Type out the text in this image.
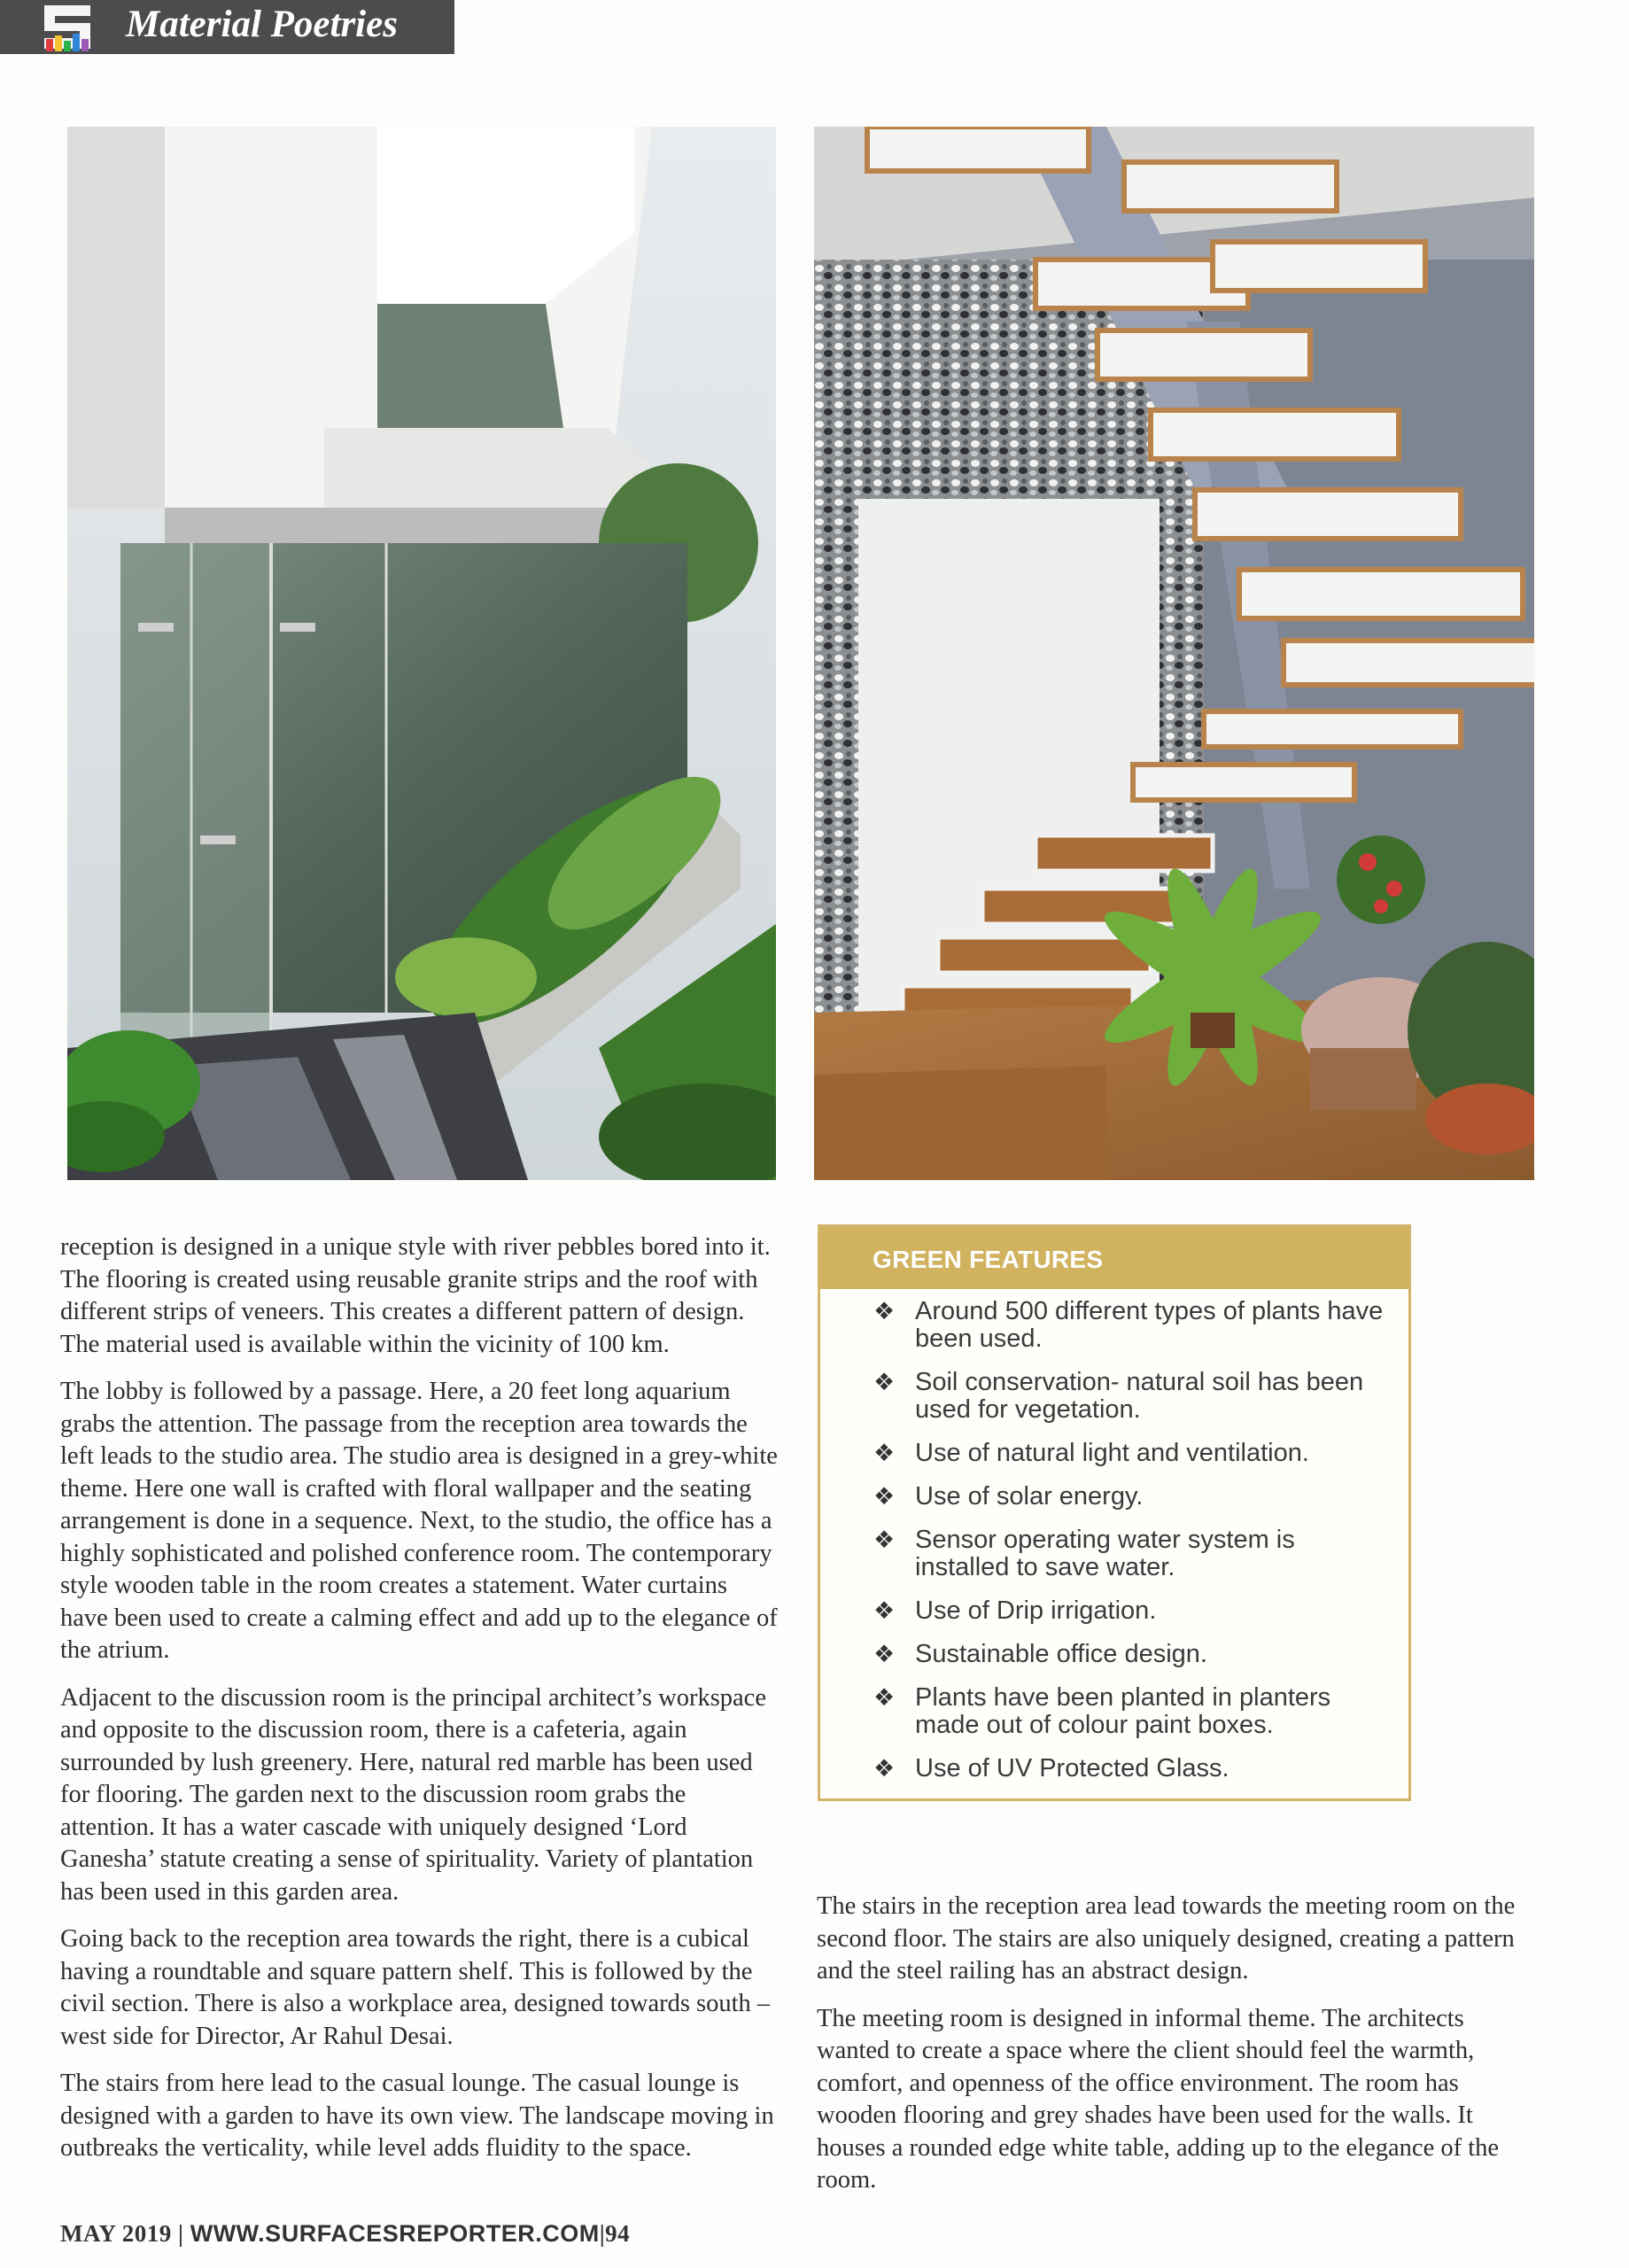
Material Poetries

reception is designed in a unique style with river pebbles bored into it. The flooring is created using reusable granite strips and the roof with different strips of veneers. This creates a different pattern of design. The material used is available within the vicinity of 100 km.

The lobby is followed by a passage. Here, a 20 feet long aquarium grabs the attention. The passage from the reception area towards the left leads to the studio area. The studio area is designed in a grey-white theme. Here one wall is crafted with floral wallpaper and the seating arrangement is done in a sequence. Next, to the studio, the office has a highly sophisticated and polished conference room. The contemporary style wooden table in the room creates a statement. Water curtains have been used to create a calming effect and add up to the elegance of the atrium.

Adjacent to the discussion room is the principal architect’s workspace and opposite to the discussion room, there is a cafeteria, again surrounded by lush greenery. Here, natural red marble has been used for flooring. The garden next to the discussion room grabs the attention. It has a water cascade with uniquely designed ‘Lord Ganesha’ statute creating a sense of spirituality. Variety of plantation has been used in this garden area.

Going back to the reception area towards the right, there is a cubical having a roundtable and square pattern shelf. This is followed by the civil section. There is also a workplace area, designed towards south –west side for Director, Ar Rahul Desai.

The stairs from here lead to the casual lounge. The casual lounge is designed with a garden to have its own view. The landscape moving in outbreaks the verticality, while level adds fluidity to the space.

GREEN FEATURES
❖ Around 500 different types of plants have been used.
❖ Soil conservation- natural soil has been used for vegetation.
❖ Use of natural light and ventilation.
❖ Use of solar energy.
❖ Sensor operating water system is installed to save water.
❖ Use of Drip irrigation.
❖ Sustainable office design.
❖ Plants have been planted in planters made out of colour paint boxes.
❖ Use of UV Protected Glass.

The stairs in the reception area lead towards the meeting room on the second floor. The stairs are also uniquely designed, creating a pattern and the steel railing has an abstract design.

The meeting room is designed in informal theme. The architects wanted to create a space where the client should feel the warmth, comfort, and openness of the office environment. The room has wooden flooring and grey shades have been used for the walls. It houses a rounded edge white table, adding up to the elegance of the room.

MAY 2019 | WWW.SURFACESREPORTER.COM|94
